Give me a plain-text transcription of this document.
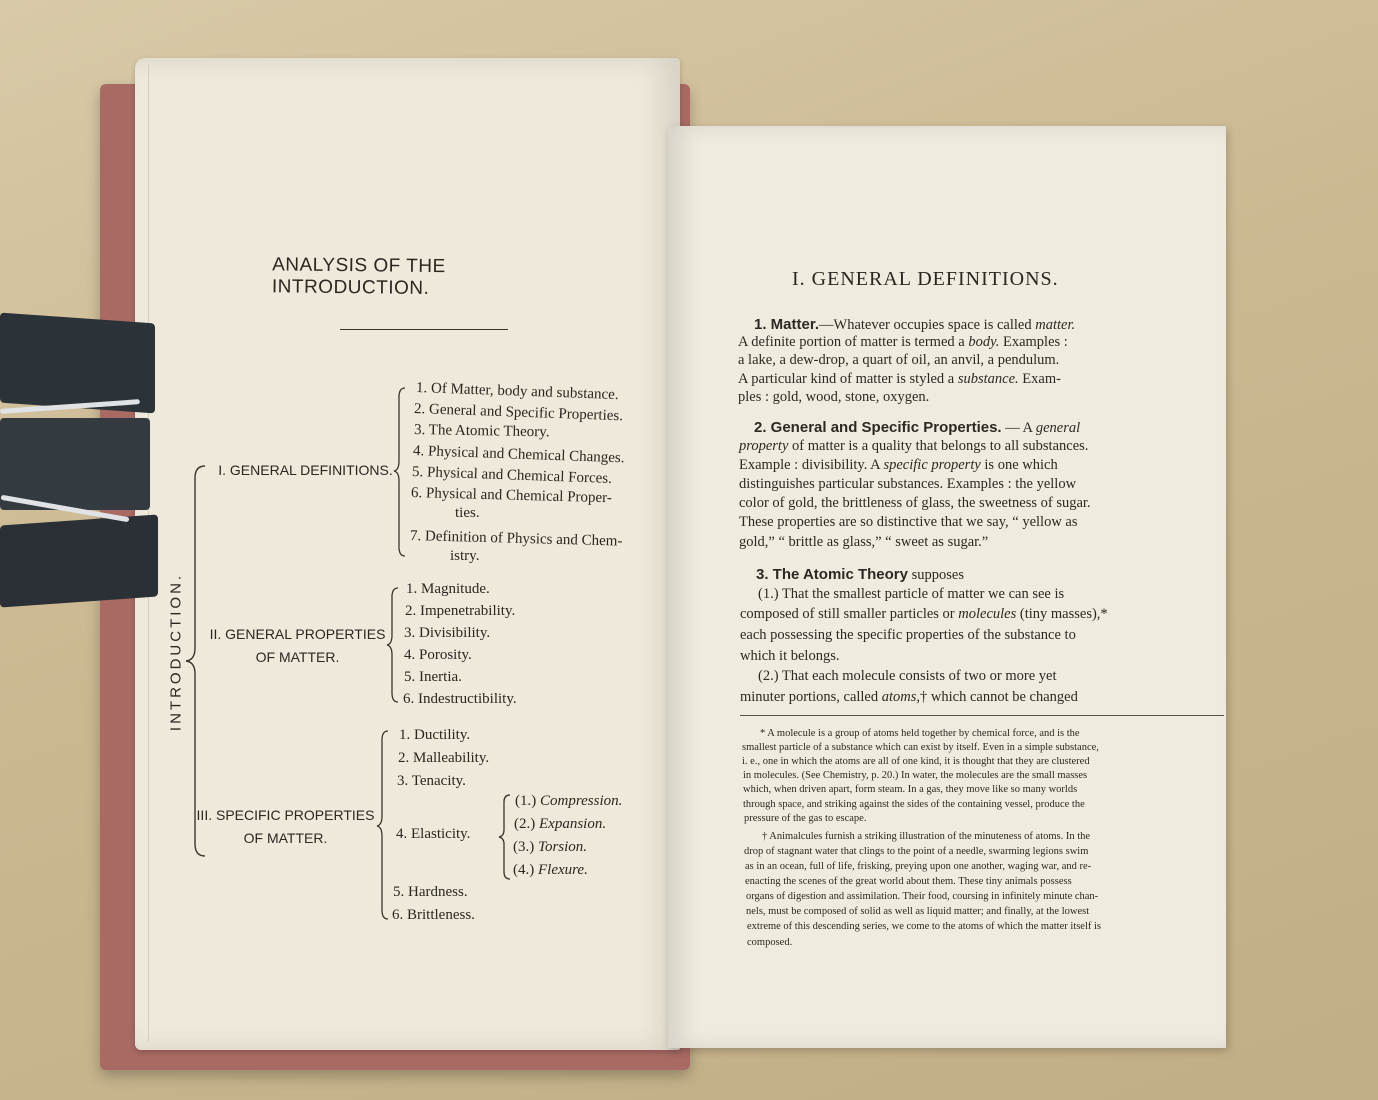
ANALYSIS OF THE INTRODUCTION.
INTRODUCTION.
I. GENERAL DEFINITIONS.
1. Of Matter, body and substance.
2. General and Specific Properties.
3. The Atomic Theory.
4. Physical and Chemical Changes.
5. Physical and Chemical Forces.
6. Physical and Chemical Proper-
ties.
7. Definition of Physics and Chem-
istry.
II. GENERAL PROPERTIES
OF MATTER.
1. Magnitude.
2. Impenetrability.
3. Divisibility.
4. Porosity.
5. Inertia.
6. Indestructibility.
III. SPECIFIC PROPERTIES
OF MATTER.
1. Ductility.
2. Malleability.
3. Tenacity.
4. Elasticity.
5. Hardness.
6. Brittleness.
(1.) Compression.
(2.) Expansion.
(3.) Torsion.
(4.) Flexure.
I. GENERAL DEFINITIONS.
1. Matter.—Whatever occupies space is called matter.
A definite portion of matter is termed a body. Examples :
a lake, a dew-drop, a quart of oil, an anvil, a pendulum.
A particular kind of matter is styled a substance. Exam-
ples : gold, wood, stone, oxygen.
2. General and Specific Properties. — A general
property of matter is a quality that belongs to all substances.
Example : divisibility. A specific property is one which
distinguishes particular substances. Examples : the yellow
color of gold, the brittleness of glass, the sweetness of sugar.
These properties are so distinctive that we say, “ yellow as
gold,” “ brittle as glass,” “ sweet as sugar.”
3. The Atomic Theory supposes
(1.) That the smallest particle of matter we can see is
composed of still smaller particles or molecules (tiny masses),*
each possessing the specific properties of the substance to
which it belongs.
(2.) That each molecule consists of two or more yet
minuter portions, called atoms,† which cannot be changed
* A molecule is a group of atoms held together by chemical force, and is the
smallest particle of a substance which can exist by itself. Even in a simple substance,
i. e., one in which the atoms are all of one kind, it is thought that they are clustered
in molecules. (See Chemistry, p. 20.) In water, the molecules are the small masses
which, when driven apart, form steam. In a gas, they move like so many worlds
through space, and striking against the sides of the containing vessel, produce the
pressure of the gas to escape.
† Animalcules furnish a striking illustration of the minuteness of atoms. In the
drop of stagnant water that clings to the point of a needle, swarming legions swim
as in an ocean, full of life, frisking, preying upon one another, waging war, and re-
enacting the scenes of the great world about them. These tiny animals possess
organs of digestion and assimilation. Their food, coursing in infinitely minute chan-
nels, must be composed of solid as well as liquid matter; and finally, at the lowest
extreme of this descending series, we come to the atoms of which the matter itself is
composed.
